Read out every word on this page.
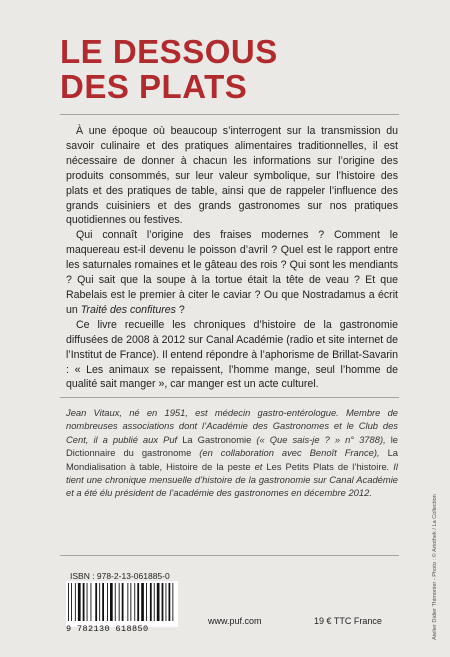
LE DESSOUS
DES PLATS

À une époque où beaucoup s’interrogent sur la transmission du savoir culinaire et des pratiques alimentaires traditionnelles, il est nécessaire de donner à chacun les informations sur l’origine des produits consommés, sur leur valeur symbolique, sur l’histoire des plats et des pratiques de table, ainsi que de rappeler l’influence des grands cuisiniers et des grands gastronomes sur nos pratiques quotidiennes ou festives.

Qui connaît l’origine des fraises modernes ? Comment le maquereau est-il devenu le poisson d’avril ? Quel est le rapport entre les saturnales romaines et le gâteau des rois ? Qui sont les mendiants ? Qui sait que la soupe à la tortue était la tête de veau ? Et que Rabelais est le premier à citer le caviar ? Ou que Nostradamus a écrit un Traité des confitures ?

Ce livre recueille les chroniques d’histoire de la gastronomie diffusées de 2008 à 2012 sur Canal Académie (radio et site internet de l’Institut de France). Il entend répondre à l’aphorisme de Brillat-Savarin : « Les animaux se repaissent, l’homme mange, seul l’homme de qualité sait manger », car manger est un acte culturel.

Jean Vitaux, né en 1951, est médecin gastro-entérologue. Membre de nombreuses associations dont l’Académie des Gastronomes et le Club des Cent, il a publié aux Puf La Gastronomie (« Que sais-je ? » n° 3788), le Dictionnaire du gastronome (en collaboration avec Benoît France), La Mondialisation à table, Histoire de la peste et Les Petits Plats de l’histoire. Il tient une chronique mensuelle d’histoire de la gastronomie sur Canal Académie et a été élu président de l’académie des gastronomes en décembre 2012.
ISBN : 978-2-13-061885-0
9 782130 618850
www.puf.com	19 € TTC France	Atelier Didier Thimonier - Photo : © Artothek / La Collection
